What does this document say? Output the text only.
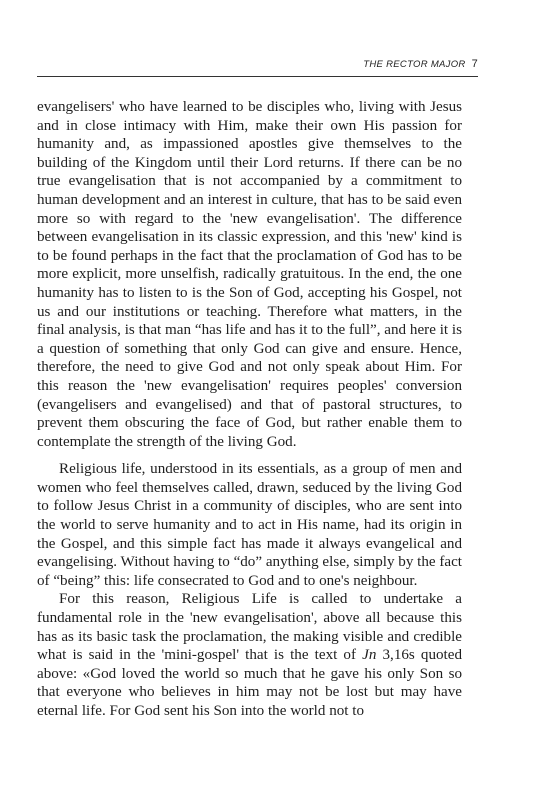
THE RECTOR MAJOR 7

evangelisers' who have learned to be disciples who, living with Jesus and in close intimacy with Him, make their own His passion for humanity and, as impassioned apostles give themselves to the building of the Kingdom until their Lord returns. If there can be no true evangelisation that is not accompanied by a commitment to human development and an interest in culture, that has to be said even more so with regard to the 'new evangelisation'. The difference between evangelisation in its classic expression, and this 'new' kind is to be found perhaps in the fact that the proclamation of God has to be more explicit, more unselfish, radically gratuitous. In the end, the one humanity has to listen to is the Son of God, accepting his Gospel, not us and our institutions or teaching. Therefore what matters, in the final analysis, is that man “has life and has it to the full”, and here it is a question of something that only God can give and ensure. Hence, therefore, the need to give God and not only speak about Him. For this reason the 'new evangelisation' requires peoples' conversion (evangelisers and evangelised) and that of pastoral structures, to prevent them obscuring the face of God, but rather enable them to contemplate the strength of the living God.

Religious life, understood in its essentials, as a group of men and women who feel themselves called, drawn, seduced by the living God to follow Jesus Christ in a community of disciples, who are sent into the world to serve humanity and to act in His name, had its origin in the Gospel, and this simple fact has made it always evangelical and evangelising. Without having to “do” anything else, simply by the fact of “being” this: life consecrated to God and to one's neighbour.

For this reason, Religious Life is called to undertake a fundamental role in the 'new evangelisation', above all because this has as its basic task the proclamation, the making visible and credible what is said in the 'mini-gospel' that is the text of Jn 3,16s quoted above: «God loved the world so much that he gave his only Son so that everyone who believes in him may not be lost but may have eternal life. For God sent his Son into the world not to
